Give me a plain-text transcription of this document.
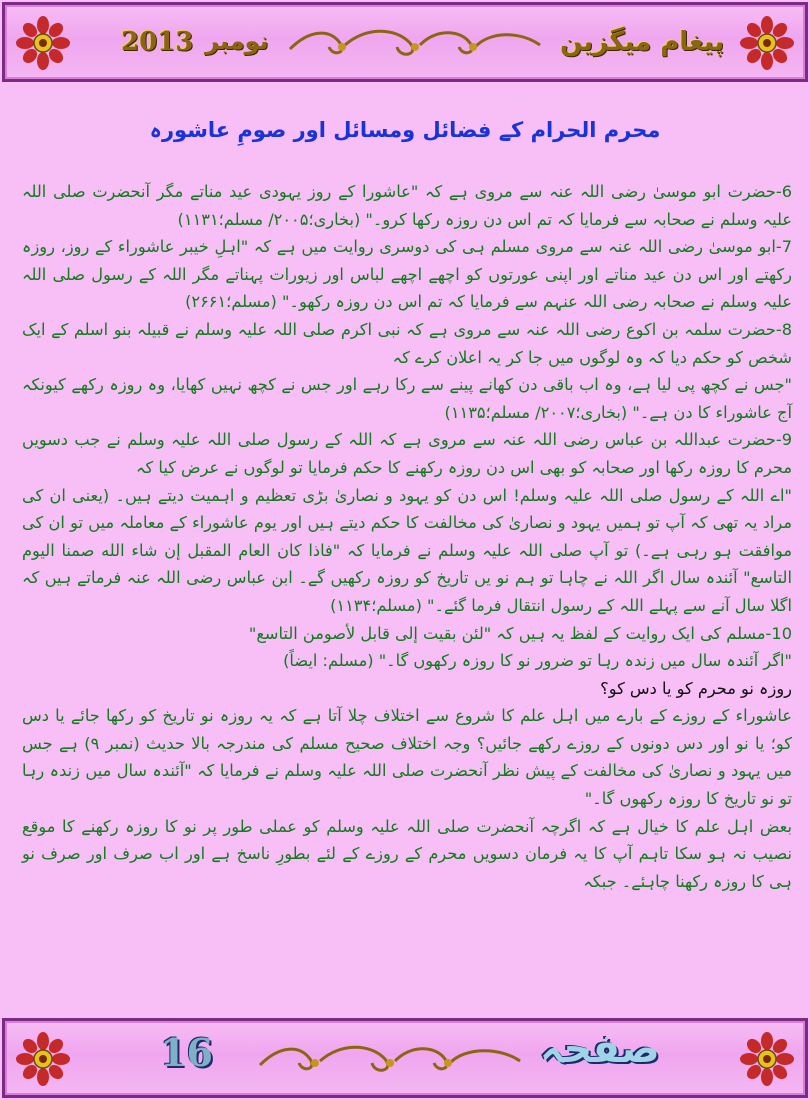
2013 نومبر	پیغام میگزین
محرم الحرام کے فضائل ومسائل اور صومِ عاشورہ

6-حضرت ابو موسیٰ رضی اللہ عنہ سے مروی ہے کہ "عاشورا کے روز یہودی عید مناتے مگر آنحضرت صلی اللہ علیہ وسلم نے صحابہ سے فرمایا کہ تم اس دن روزہ رکھا کرو۔" (بخاری؛۲۰۰۵/ مسلم؛۱۱۳۱)

7-ابو موسیٰ رضی اللہ عنہ سے مروی مسلم ہی کی دوسری روایت میں ہے کہ "اہلِ خیبر عاشوراء کے روز، روزہ رکھتے اور اس دن عید مناتے اور اپنی عورتوں کو اچھے اچھے لباس اور زیورات پہناتے مگر اللہ کے رسول صلی اللہ علیہ وسلم نے صحابہ رضی اللہ عنہم سے فرمایا کہ تم اس دن روزہ رکھو۔" (مسلم؛۲۶۶۱)

8-حضرت سلمہ بن اکوع رضی اللہ عنہ سے مروی ہے کہ نبی اکرم صلی اللہ علیہ وسلم نے قبیلہ بنو اسلم کے ایک شخص کو حکم دیا کہ وہ لوگوں میں جا کر یہ اعلان کرے کہ

"جس نے کچھ پی لیا ہے، وہ اب باقی دن کھانے پینے سے رکا رہے اور جس نے کچھ نہیں کھایا، وہ روزہ رکھے کیونکہ آج عاشوراء کا دن ہے۔" (بخاری؛۲۰۰۷/ مسلم؛۱۱۳۵)

9-حضرت عبداللہ بن عباس رضی اللہ عنہ سے مروی ہے کہ اللہ کے رسول صلی اللہ علیہ وسلم نے جب دسویں محرم کا روزہ رکھا اور صحابہ کو بھی اس دن روزہ رکھنے کا حکم فرمایا تو لوگوں نے عرض کیا کہ

"اے اللہ کے رسول صلی اللہ علیہ وسلم! اس دن کو یہود و نصاریٰ بڑی تعظیم و اہمیت دیتے ہیں۔ (یعنی ان کی مراد یہ تھی کہ آپ تو ہمیں یہود و نصاریٰ کی مخالفت کا حکم دیتے ہیں اور یوم عاشوراء کے معاملہ میں تو ان کی موافقت ہو رہی ہے۔) تو آپ صلی اللہ علیہ وسلم نے فرمایا کہ "فاذا کان العام المقبل إن شاء الله صمنا اليوم التاسع" آئندہ سال اگر اللہ نے چاہا تو ہم نو یں تاریخ کو روزہ رکھیں گے۔ ابن عباس رضی اللہ عنہ فرماتے ہیں کہ اگلا سال آنے سے پہلے اللہ کے رسول انتقال فرما گئے۔" (مسلم؛۱۱۳۴)

10-مسلم کی ایک روایت کے لفظ یہ ہیں کہ "لئن بقيت إلى قابل لأصومن التاسع"

"اگر آئندہ سال میں زندہ رہا تو ضرور نو کا روزہ رکھوں گا۔" (مسلم: ایضاً)

روزہ نو محرم کو یا دس کو؟

عاشوراء کے روزے کے بارے میں اہل علم کا شروع سے اختلاف چلا آتا ہے کہ یہ روزہ نو تاریخ کو رکھا جائے یا دس کو؛ یا نو اور دس دونوں کے روزے رکھے جائیں؟ وجہ اختلاف صحیح مسلم کی مندرجہ بالا حدیث (نمبر ۹) ہے جس میں یہود و نصاریٰ کی مخالفت کے پیش نظر آنحضرت صلی اللہ علیہ وسلم نے فرمایا کہ "آئندہ سال میں زندہ رہا تو نو تاریخ کا روزہ رکھوں گا۔"

بعض اہل علم کا خیال ہے کہ اگرچہ آنحضرت صلی اللہ علیہ وسلم کو عملی طور پر نو کا روزہ رکھنے کا موقع نصیب نہ ہو سکا تاہم آپ کا یہ فرمان دسویں محرم کے روزے کے لئے بطورِ ناسخ ہے اور اب صرف اور صرف نو ہی کا روزہ رکھنا چاہئے۔ جبکہ

16	صفحہ
